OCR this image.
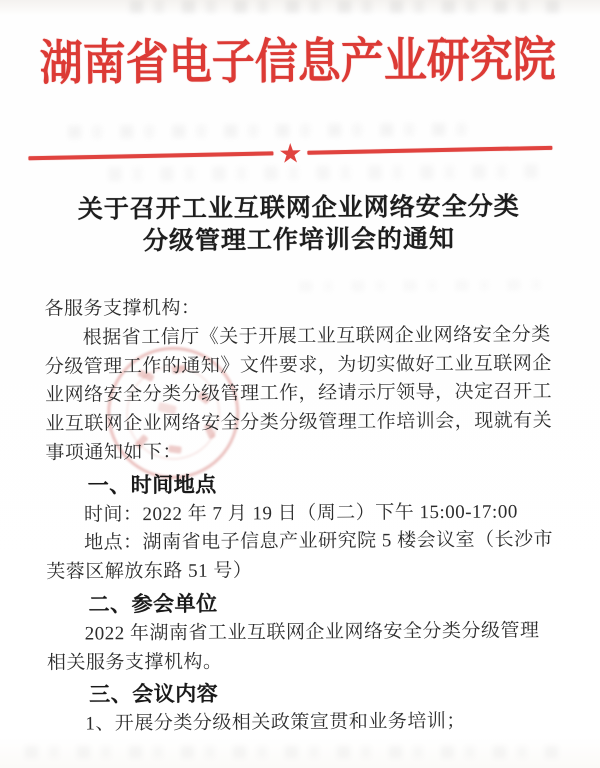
湖南省电子信息产业研究院
★
关于召开工业互联网企业网络安全分类
分级管理工作培训会的通知
各服务支撑机构：
根据省工信厅《关于开展工业互联网企业网络安全分类
分级管理工作的通知》文件要求，为切实做好工业互联网企
业网络安全分类分级管理工作，经请示厅领导，决定召开工
业互联网企业网络安全分类分级管理工作培训会，现就有关
事项通知如下：
一、时间地点
时间：2022 年 7 月 19 日（周二）下午 15:00-17:00
地点：湖南省电子信息产业研究院 5 楼会议室（长沙市
芙蓉区解放东路 51 号）
二、参会单位
2022 年湖南省工业互联网企业网络安全分类分级管理
相关服务支撑机构。
三、会议内容
1、开展分类分级相关政策宣贯和业务培训；
